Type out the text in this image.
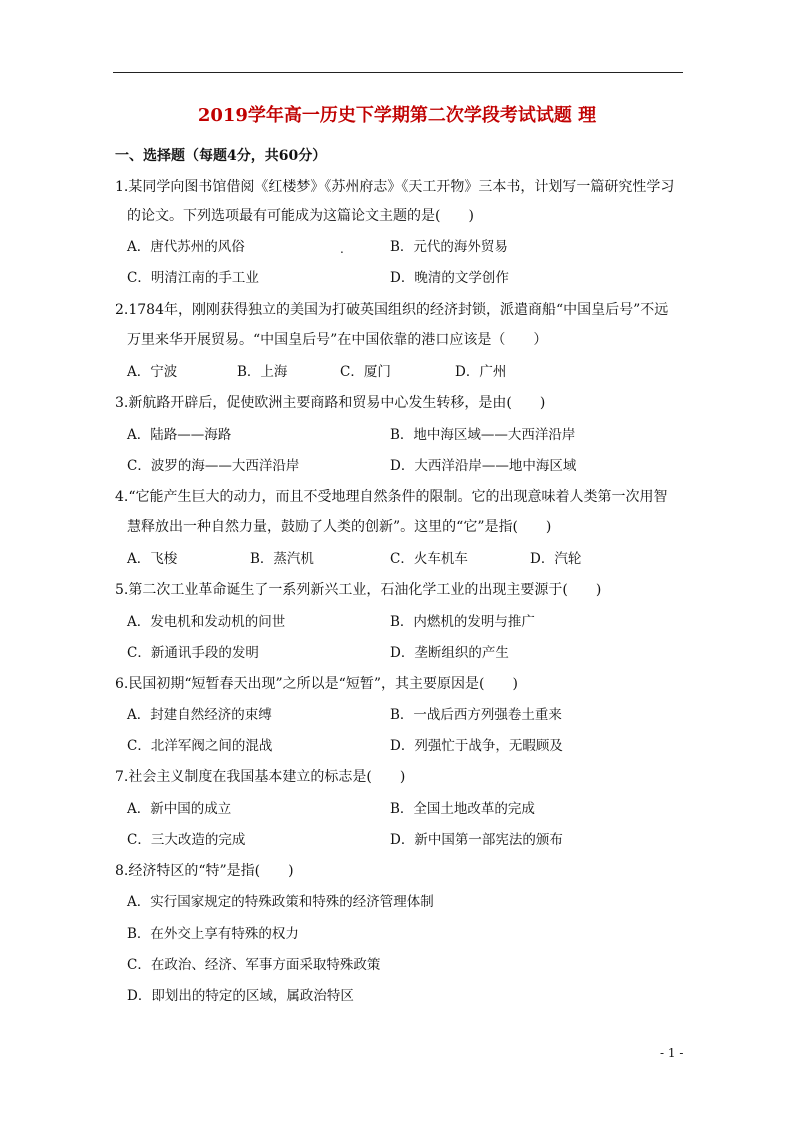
2019学年高一历史下学期第二次学段考试试题 理
一、选择题（每题4分，共60分）
1.某同学向图书馆借阅《红楼梦》《苏州府志》《天工开物》三本书，计划写一篇研究性学习
的论文。下列选项最有可能成为这篇论文主题的是(　　)
A．唐代苏州的风俗	.	B．元代的海外贸易
C．明清江南的手工业	D．晚清的文学创作
2.1784年，刚刚获得独立的美国为打破英国组织的经济封锁，派遣商船“中国皇后号”不远
万里来华开展贸易。“中国皇后号”在中国依靠的港口应该是（　　）
A．宁波	B．上海	C．厦门	D．广州
3.新航路开辟后，促使欧洲主要商路和贸易中心发生转移，是由(　　)
A．陆路——海路	B．地中海区域——大西洋沿岸
C．波罗的海——大西洋沿岸	D．大西洋沿岸——地中海区域
4.“它能产生巨大的动力，而且不受地理自然条件的限制。它的出现意味着人类第一次用智
慧释放出一种自然力量，鼓励了人类的创新”。这里的“它”是指(　　)
A．飞梭	B．蒸汽机	C．火车机车	D．汽轮
5.第二次工业革命诞生了一系列新兴工业，石油化学工业的出现主要源于(　　)
A．发电机和发动机的问世	B．内燃机的发明与推广
C．新通讯手段的发明	D．垄断组织的产生
6.民国初期“短暂春天出现”之所以是“短暂”，其主要原因是(　　)
A．封建自然经济的束缚	B．一战后西方列强卷土重来
C．北洋军阀之间的混战	D．列强忙于战争，无暇顾及
7.社会主义制度在我国基本建立的标志是(　　)
A．新中国的成立	B．全国土地改革的完成
C．三大改造的完成	D．新中国第一部宪法的颁布
8.经济特区的“特”是指(　　)
A．实行国家规定的特殊政策和特殊的经济管理体制
B．在外交上享有特殊的权力
C．在政治、经济、军事方面采取特殊政策
D．即划出的特定的区域，属政治特区
- 1 -
